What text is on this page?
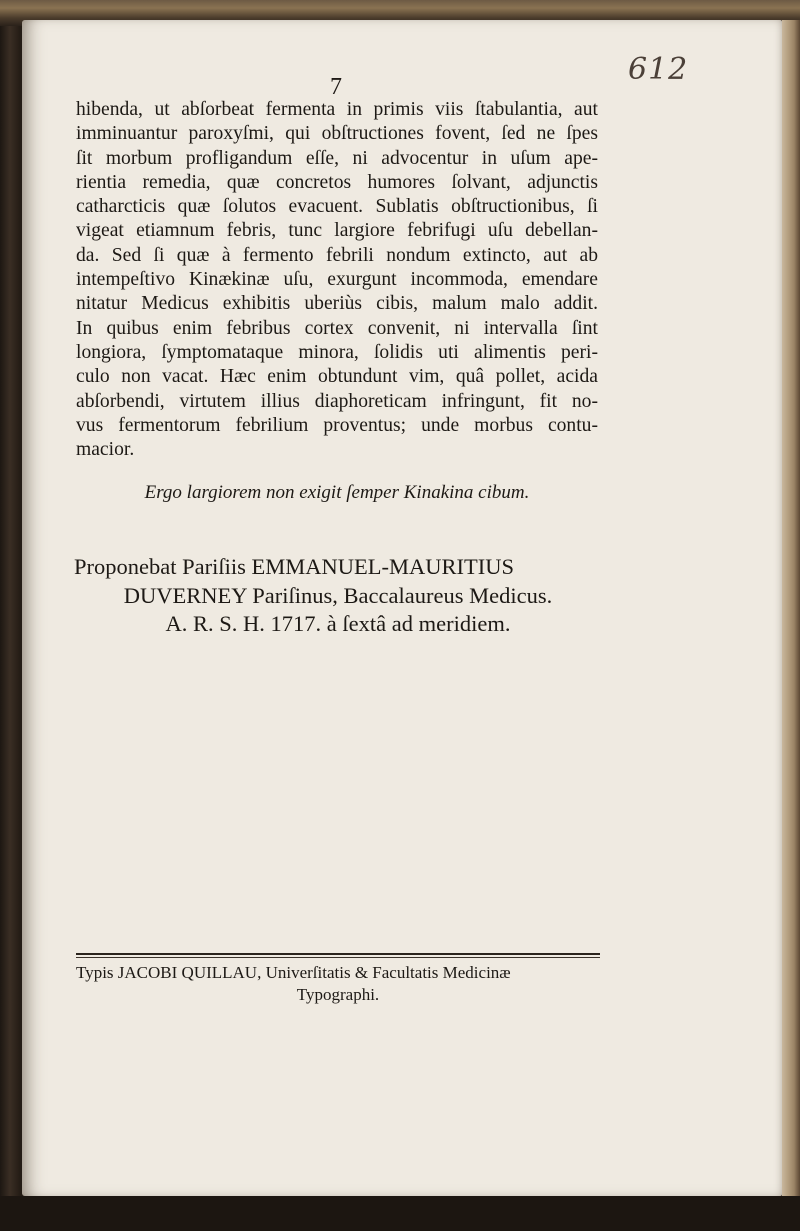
612

7

hibenda, ut abſorbeat fermenta in primis viis ſtabulantia, aut
imminuantur paroxyſmi, qui obſtructiones fovent, ſed ne ſpes
ſit morbum profligandum eſſe, ni advocentur in uſum ape-
rientia remedia, quæ concretos humores ſolvant, adjunctis
catharcticis quæ ſolutos evacuent. Sublatis obſtructionibus, ſi
vigeat etiamnum febris, tunc largiore febrifugi uſu debellan-
da. Sed ſi quæ à fermento febrili nondum extincto, aut ab
intempeſtivo Kinækinæ uſu, exurgunt incommoda, emendare
nitatur Medicus exhibitis uberiùs cibis, malum malo addit.
In quibus enim febribus cortex convenit, ni intervalla ſint
longiora, ſymptomataque minora, ſolidis uti alimentis peri-
culo non vacat. Hæc enim obtundunt vim, quâ pollet, acida
abſorbendi, virtutem illius diaphoreticam infringunt, fit no-
vus fermentorum febrilium proventus; unde morbus contu-
macior.

Ergo largiorem non exigit ſemper Kinakina cibum.

Proponebat Pariſiis EMMANUEL-MAURITIUS
DUVERNEY Pariſinus, Baccalaureus Medicus.
A. R. S. H. 1717. à ſextâ ad meridiem.
Typis JACOBI QUILLAU, Univerſitatis & Facultatis Medicinæ
Typographi.
